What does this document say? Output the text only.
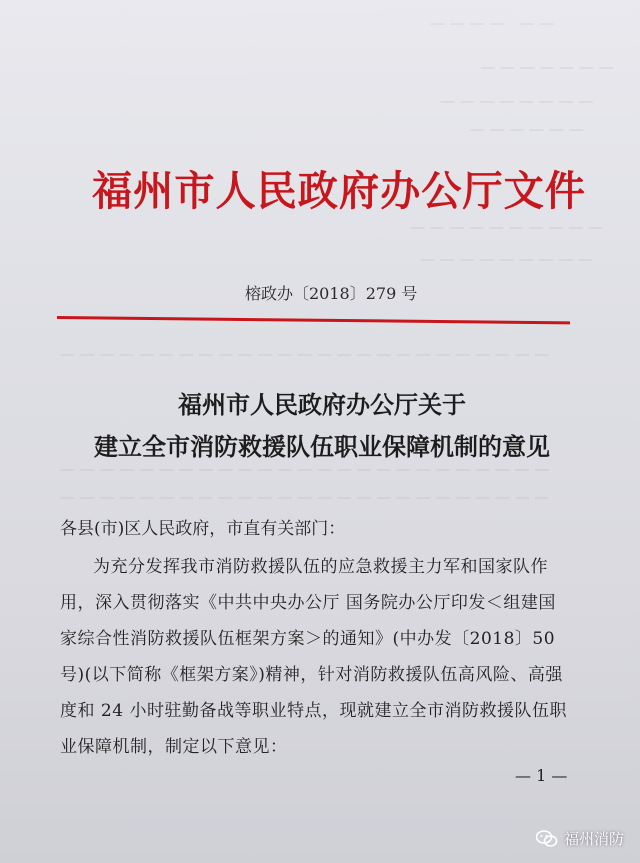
— — — —　— —
— — — — — — —
— — — — — — — —
— — — — — —
— — — — — — — — — —
— — — — — — — — —
— — — — — — — — — — — — — — — — — — — — — — — — —
— — — — — — — — — — — — — — — — — — — — — — — — —
— — — — — — — — — — — — — — — — — — — — — — — — —
福州市人民政府办公厅文件
榕政办〔2018〕279 号
福州市人民政府办公厅关于
建立全市消防救援队伍职业保障机制的意见
各县(市)区人民政府，市直有关部门：
为充分发挥我市消防救援队伍的应急救援主力军和国家队作
用，深入贯彻落实《中共中央办公厅 国务院办公厅印发＜组建国
家综合性消防救援队伍框架方案＞的通知》(中办发〔2018〕50
号)(以下简称《框架方案》)精神，针对消防救援队伍高风险、高强
度和 24 小时驻勤备战等职业特点，现就建立全市消防救援队伍职
业保障机制，制定以下意见：
— 1 —
福州消防
